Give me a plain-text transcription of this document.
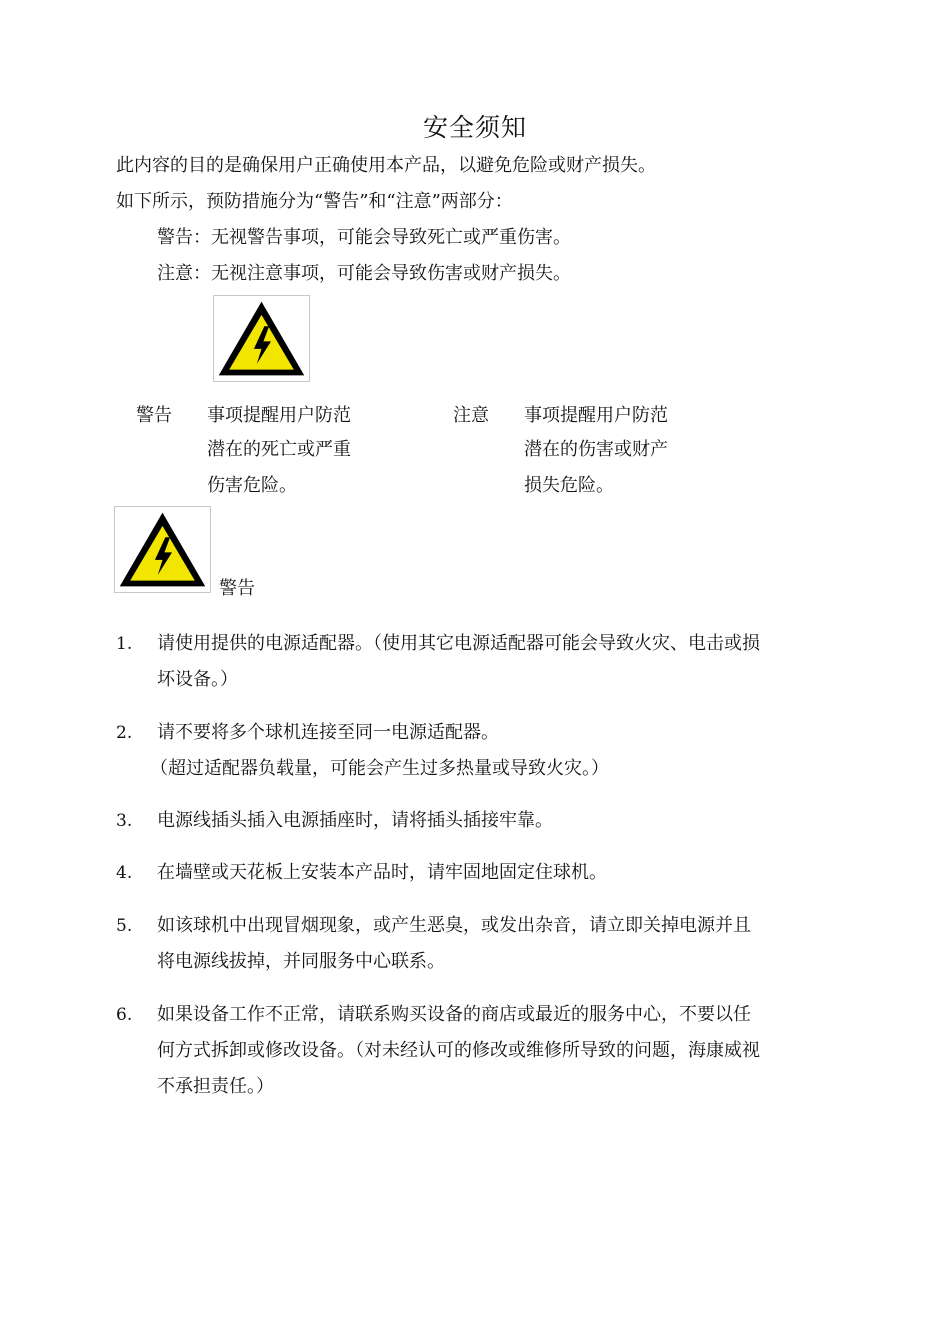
安全须知
此内容的目的是确保用户正确使用本产品，以避免危险或财产损失。
如下所示，预防措施分为“警告”和“注意”两部分：
警告：无视警告事项，可能会导致死亡或严重伤害。
注意：无视注意事项，可能会导致伤害或财产损失。
警告 事项提醒用户防范
潜在的死亡或严重
伤害危险。
注意 事项提醒用户防范
潜在的伤害或财产
损失危险。
警告
1. 请使用提供的电源适配器。（使用其它电源适配器可能会导致火灾、电击或损
坏设备。）
2. 请不要将多个球机连接至同一电源适配器。
（超过适配器负载量，可能会产生过多热量或导致火灾。）
3. 电源线插头插入电源插座时，请将插头插接牢靠。
4. 在墙壁或天花板上安装本产品时，请牢固地固定住球机。
5. 如该球机中出现冒烟现象，或产生恶臭，或发出杂音，请立即关掉电源并且
将电源线拔掉，并同服务中心联系。
6. 如果设备工作不正常，请联系购买设备的商店或最近的服务中心，不要以任
何方式拆卸或修改设备。（对未经认可的修改或维修所导致的问题，海康威视
不承担责任。）
